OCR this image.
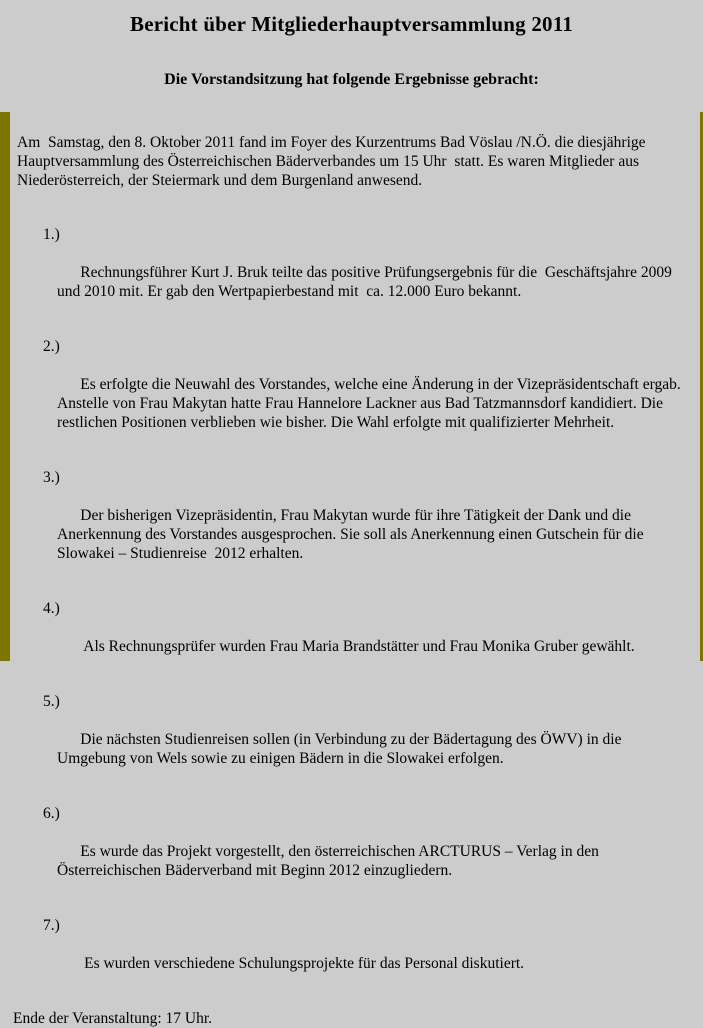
Bericht über Mitgliederhauptversammlung 2011
Die Vorstandsitzung hat folgende Ergebnisse gebracht:

Am  Samstag, den 8. Oktober 2011 fand im Foyer des Kurzentrums Bad Vöslau /N.Ö. die diesjährige Hauptversammlung des Österreichischen Bäderverbandes um 15 Uhr  statt. Es waren Mitglieder aus Niederösterreich, der Steiermark und dem Burgenland anwesend.

1.)

Rechnungsführer Kurt J. Bruk teilte das positive Prüfungsergebnis für die  Geschäftsjahre 2009 und 2010 mit. Er gab den Wertpapierbestand mit  ca. 12.000 Euro bekannt.

2.)

Es erfolgte die Neuwahl des Vorstandes, welche eine Änderung in der Vizepräsidentschaft ergab. Anstelle von Frau Makytan hatte Frau Hannelore Lackner aus Bad Tatzmannsdorf kandidiert. Die restlichen Positionen verblieben wie bisher. Die Wahl erfolgte mit qualifizierter Mehrheit.

3.)

Der bisherigen Vizepräsidentin, Frau Makytan wurde für ihre Tätigkeit der Dank und die Anerkennung des Vorstandes ausgesprochen. Sie soll als Anerkennung einen Gutschein für die Slowakei – Studienreise  2012 erhalten.

4.)

Als Rechnungsprüfer wurden Frau Maria Brandstätter und Frau Monika Gruber gewählt.

5.)

Die nächsten Studienreisen sollen (in Verbindung zu der Bädertagung des ÖWV) in die Umgebung von Wels sowie zu einigen Bädern in die Slowakei erfolgen.

6.)

Es wurde das Projekt vorgestellt, den österreichischen ARCTURUS – Verlag in den Österreichischen Bäderverband mit Beginn 2012 einzugliedern.

7.)

Es wurden verschiedene Schulungsprojekte für das Personal diskutiert.

Ende der Veranstaltung: 17 Uhr.
